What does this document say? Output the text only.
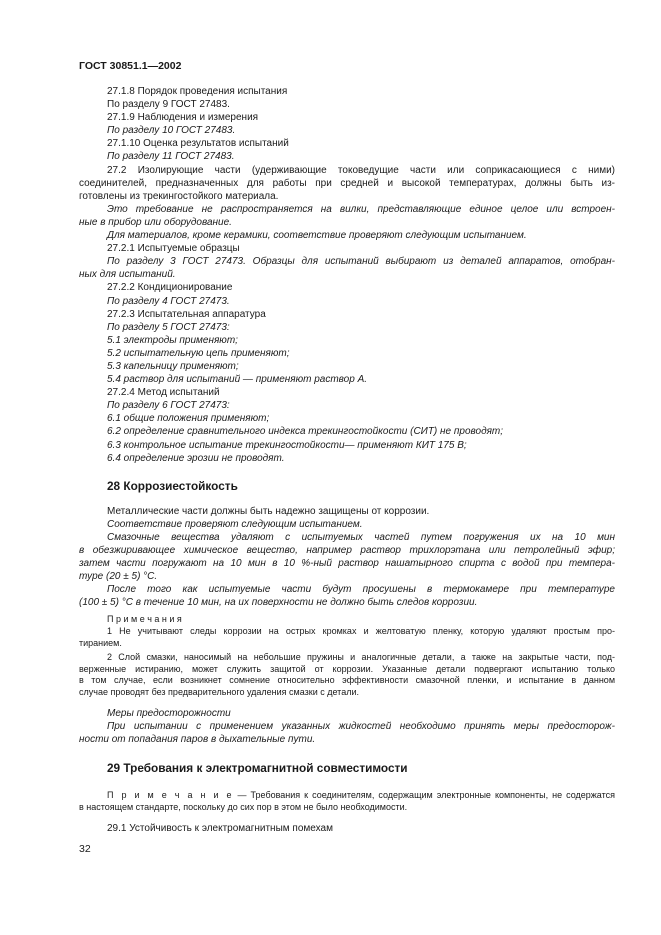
ГОСТ 30851.1—2002
27.1.8 Порядок проведения испытания
По разделу 9 ГОСТ 27483.
27.1.9 Наблюдения и измерения
По разделу 10 ГОСТ 27483.
27.1.10 Оценка результатов испытаний
По разделу 11 ГОСТ 27483.
27.2 Изолирующие части (удерживающие токоведущие части или соприкасающиеся с ними)
соединителей, предназначенных для работы при средней и высокой температурах, должны быть из-
готовлены из трекингостойкого материала.
Это требование не распространяется на вилки, представляющие единое целое или встроен-
ные в прибор или оборудование.
Для материалов, кроме керамики, соответствие проверяют следующим испытанием.
27.2.1 Испытуемые образцы
По разделу 3 ГОСТ 27473. Образцы для испытаний выбирают из деталей аппаратов, отобран-
ных для испытаний.
27.2.2 Кондиционирование
По разделу 4 ГОСТ 27473.
27.2.3 Испытательная аппаратура
По разделу 5 ГОСТ 27473:
5.1 электроды применяют;
5.2 испытательную цепь применяют;
5.3 капельницу применяют;
5.4 раствор для испытаний — применяют раствор А.
27.2.4 Метод испытаний
По разделу 6 ГОСТ 27473:
6.1 общие положения применяют;
6.2 определение сравнительного индекса трекингостойкости (СИТ) не проводят;
6.3 контрольное испытание трекингостойкости— применяют КИТ 175 В;
6.4 определение эрозии не проводят.
28 Коррозиестойкость
Металлические части должны быть надежно защищены от коррозии.
Соответствие проверяют следующим испытанием.
Смазочные вещества удаляют с испытуемых частей путем погружения их на 10 мин
в обезжиривающее химическое вещество, например раствор трихлорэтана или петролейный эфир;
затем части погружают на 10 мин в 10 %-ный раствор нашатырного спирта с водой при темпера-
туре (20 ± 5) °С.
После того как испытуемые части будут просушены в термокамере при температуре
(100 ± 5) °С в течение 10 мин, на их поверхности не должно быть следов коррозии.
П р и м е ч а н и я
1 Не учитывают следы коррозии на острых кромках и желтоватую пленку, которую удаляют простым про-
тиранием.
2 Слой смазки, наносимый на небольшие пружины и аналогичные детали, а также на закрытые части, под-
верженные истиранию, может служить защитой от коррозии. Указанные детали подвергают испытанию только
в том случае, если возникнет сомнение относительно эффективности смазочной пленки, и испытание в данном
случае проводят без предварительного удаления смазки с детали.
Меры предосторожности
При испытании с применением указанных жидкостей необходимо принять меры предосторож-
ности от попадания паров в дыхательные пути.
29 Требования к электромагнитной совместимости
П р и м е ч а н и е — Требования к соединителям, содержащим электронные компоненты, не содержатся
в настоящем стандарте, поскольку до сих пор в этом не было необходимости.
29.1 Устойчивость к электромагнитным помехам
32
